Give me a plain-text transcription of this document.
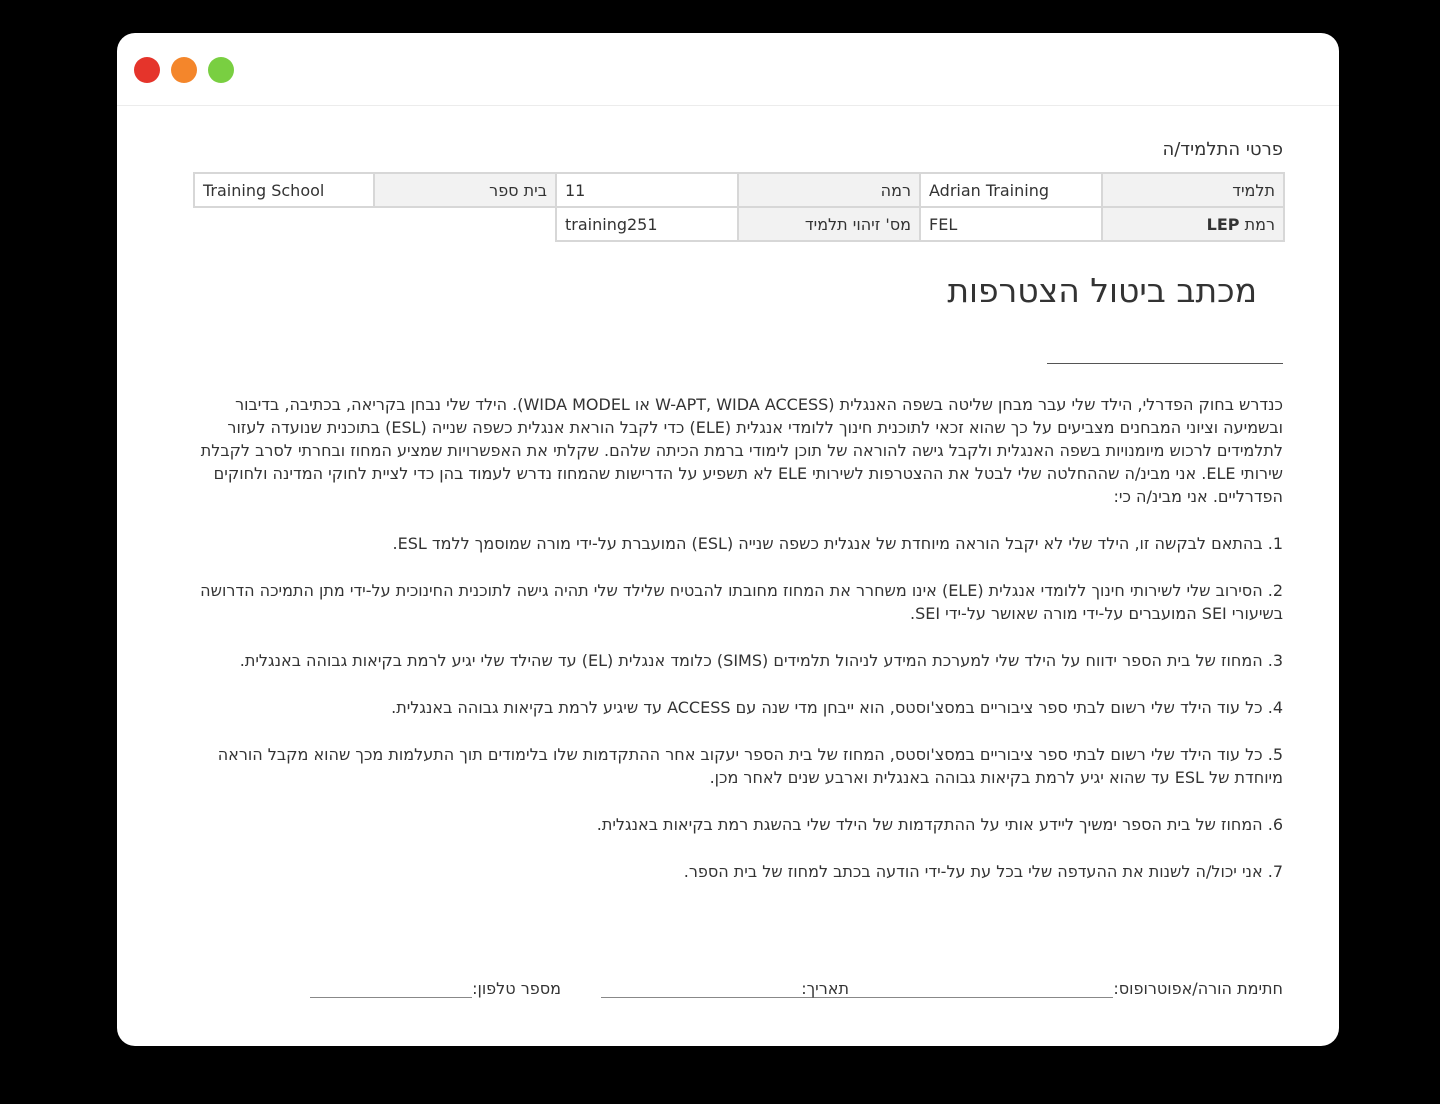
פרטי התלמיד/ה
תלמיד	Adrian Training	רמה	11	בית ספר	Training School
רמת LEP	FEL	מס' זיהוי תלמיד	training251		
מכתב ביטול הצטרפות

כנדרש בחוק הפדרלי, הילד שלי עבר מבחן שליטה בשפה האנגלית (W-APT, WIDA ACCESS או WIDA MODEL). הילד שלי נבחן בקריאה, בכתיבה, בדיבור ובשמיעה וציוני המבחנים מצביעים על כך שהוא זכאי לתוכנית חינוך ללומדי אנגלית (ELE) כדי לקבל הוראת אנגלית כשפה שנייה (ESL) בתוכנית שנועדה לעזור לתלמידים לרכוש מיומנויות בשפה האנגלית ולקבל גישה להוראה של תוכן לימודי ברמת הכיתה שלהם. שקלתי את האפשרויות שמציע המחוז ובחרתי לסרב לקבלת שירותי ELE. אני מבינ/ה שההחלטה שלי לבטל את ההצטרפות לשירותי ELE לא תשפיע על הדרישות שהמחוז נדרש לעמוד בהן כדי לציית לחוקי המדינה ולחוקים הפדרליים. אני מבינ/ה כי:

1. בהתאם לבקשה זו, הילד שלי לא יקבל הוראה מיוחדת של אנגלית כשפה שנייה (ESL) המועברת על-ידי מורה שמוסמך ללמד ESL.

2. הסירוב שלי לשירותי חינוך ללומדי אנגלית (ELE) אינו משחרר את המחוז מחובתו להבטיח שלילד שלי תהיה גישה לתוכנית החינוכית על-ידי מתן התמיכה הדרושה בשיעורי SEI המועברים על-ידי מורה שאושר על-ידי SEI.

3. המחוז של בית הספר ידווח על הילד שלי למערכת המידע לניהול תלמידים (SIMS) כלומד אנגלית (EL) עד שהילד שלי יגיע לרמת בקיאות גבוהה באנגלית.

4. כל עוד הילד שלי רשום לבתי ספר ציבוריים במסצ'וסטס, הוא ייבחן מדי שנה עם ACCESS עד שיגיע לרמת בקיאות גבוהה באנגלית.

5. כל עוד הילד שלי רשום לבתי ספר ציבוריים במסצ'וסטס, המחוז של בית הספר יעקוב אחר ההתקדמות שלו בלימודים תוך התעלמות מכך שהוא מקבל הוראה מיוחדת של ESL עד שהוא יגיע לרמת בקיאות גבוהה באנגלית וארבע שנים לאחר מכן.

6. המחוז של בית הספר ימשיך ליידע אותי על ההתקדמות של הילד שלי בהשגת רמת בקיאות באנגלית.

7. אני יכול/ה לשנות את ההעדפה שלי בכל עת על-ידי הודעה בכתב למחוז של בית הספר.

חתימת הורה/אפוטרופוס:
תאריך:
מספר טלפון:
